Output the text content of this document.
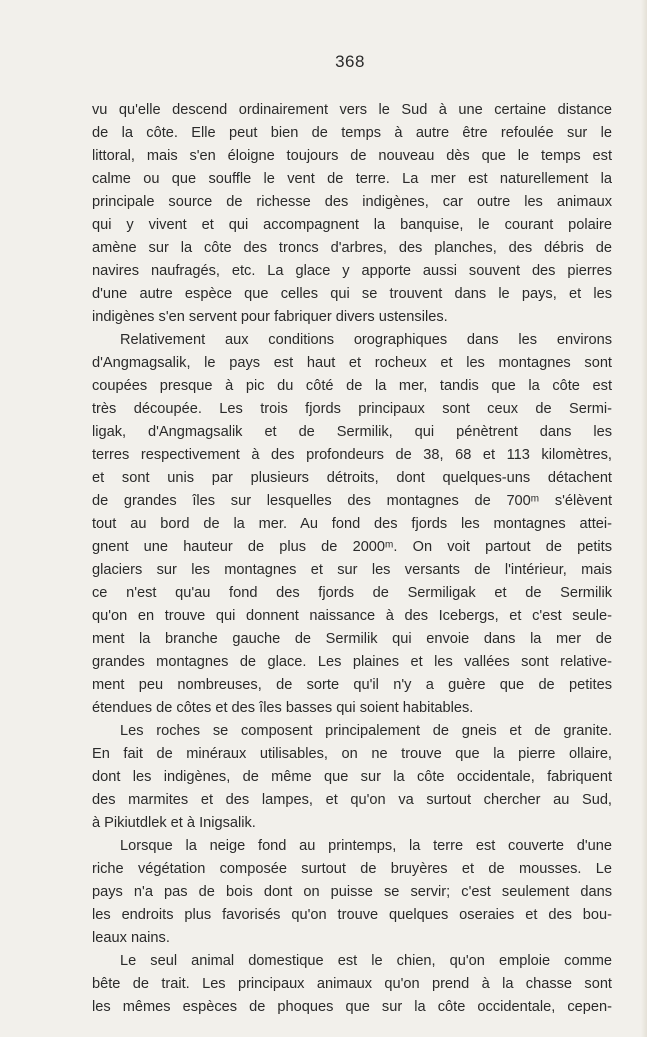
368
vu qu'elle descend ordinairement vers le Sud à une certaine distance
de la côte. Elle peut bien de temps à autre être refoulée sur le
littoral, mais s'en éloigne toujours de nouveau dès que le temps est
calme ou que souffle le vent de terre. La mer est naturellement la
principale source de richesse des indigènes, car outre les animaux
qui y vivent et qui accompagnent la banquise, le courant polaire
amène sur la côte des troncs d'arbres, des planches, des débris de
navires naufragés, etc. La glace y apporte aussi souvent des pierres
d'une autre espèce que celles qui se trouvent dans le pays, et les
indigènes s'en servent pour fabriquer divers ustensiles.
Relativement aux conditions orographiques dans les environs
d'Angmagsalik, le pays est haut et rocheux et les montagnes sont
coupées presque à pic du côté de la mer, tandis que la côte est
très découpée. Les trois fjords principaux sont ceux de Sermi-
ligak, d'Angmagsalik et de Sermilik, qui pénètrent dans les
terres respectivement à des profondeurs de 38, 68 et 113 kilomètres,
et sont unis par plusieurs détroits, dont quelques-uns détachent
de grandes îles sur lesquelles des montagnes de 700ᵐ s'élèvent
tout au bord de la mer. Au fond des fjords les montagnes attei-
gnent une hauteur de plus de 2000ᵐ. On voit partout de petits
glaciers sur les montagnes et sur les versants de l'intérieur, mais
ce n'est qu'au fond des fjords de Sermiligak et de Sermilik
qu'on en trouve qui donnent naissance à des Icebergs, et c'est seule-
ment la branche gauche de Sermilik qui envoie dans la mer de
grandes montagnes de glace. Les plaines et les vallées sont relative-
ment peu nombreuses, de sorte qu'il n'y a guère que de petites
étendues de côtes et des îles basses qui soient habitables.
Les roches se composent principalement de gneis et de granite.
En fait de minéraux utilisables, on ne trouve que la pierre ollaire,
dont les indigènes, de même que sur la côte occidentale, fabriquent
des marmites et des lampes, et qu'on va surtout chercher au Sud,
à Pikiutdlek et à Inigsalik.
Lorsque la neige fond au printemps, la terre est couverte d'une
riche végétation composée surtout de bruyères et de mousses. Le
pays n'a pas de bois dont on puisse se servir; c'est seulement dans
les endroits plus favorisés qu'on trouve quelques oseraies et des bou-
leaux nains.
Le seul animal domestique est le chien, qu'on emploie comme
bête de trait. Les principaux animaux qu'on prend à la chasse sont
les mêmes espèces de phoques que sur la côte occidentale, cepen-
